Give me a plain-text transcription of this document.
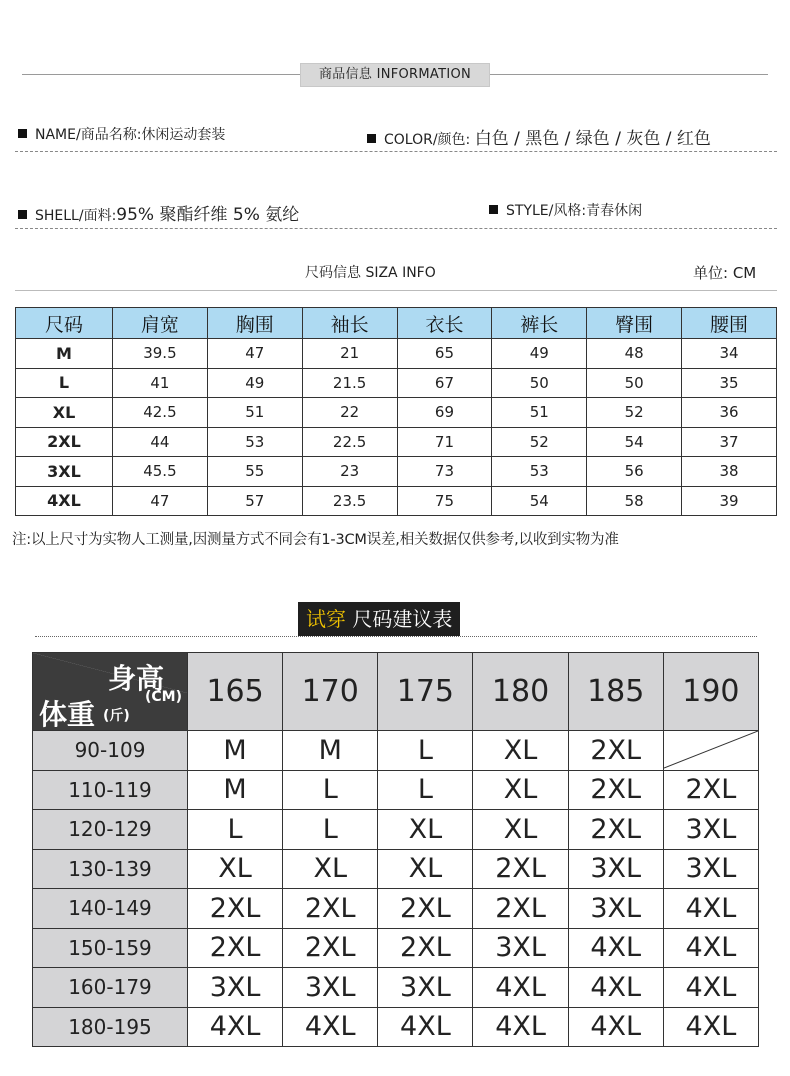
商品信息 INFORMATION
NAME/商品名称:休闲运动套装	COLOR/颜色: 白色 / 黑色 / 绿色 / 灰色 / 红色
SHELL/面料:95% 聚酯纤维 5% 氨纶	STYLE/风格:青春休闲
尺码信息 SIZA INFO	单位: CM
尺码	肩宽	胸围	袖长	衣长	裤长	臀围	腰围
M	39.5	47	21	65	49	48	34
L	41	49	21.5	67	50	50	35
XL	42.5	51	22	69	51	52	36
2XL	44	53	22.5	71	52	54	37
3XL	45.5	55	23	73	53	56	38
4XL	47	57	23.5	75	54	58	39
注:以上尺寸为实物人工测量,因测量方式不同会有1-3CM误差,相关数据仅供参考,以收到实物为准
试穿 尺码建议表
身高
(CM)
体重 (斤)	165	170	175	180	185	190
90-109	M	M	L	XL	2XL	

110-119	M	L	L	XL	2XL	2XL
120-129	L	L	XL	XL	2XL	3XL
130-139	XL	XL	XL	2XL	3XL	3XL
140-149	2XL	2XL	2XL	2XL	3XL	4XL
150-159	2XL	2XL	2XL	3XL	4XL	4XL
160-179	3XL	3XL	3XL	4XL	4XL	4XL
180-195	4XL	4XL	4XL	4XL	4XL	4XL
